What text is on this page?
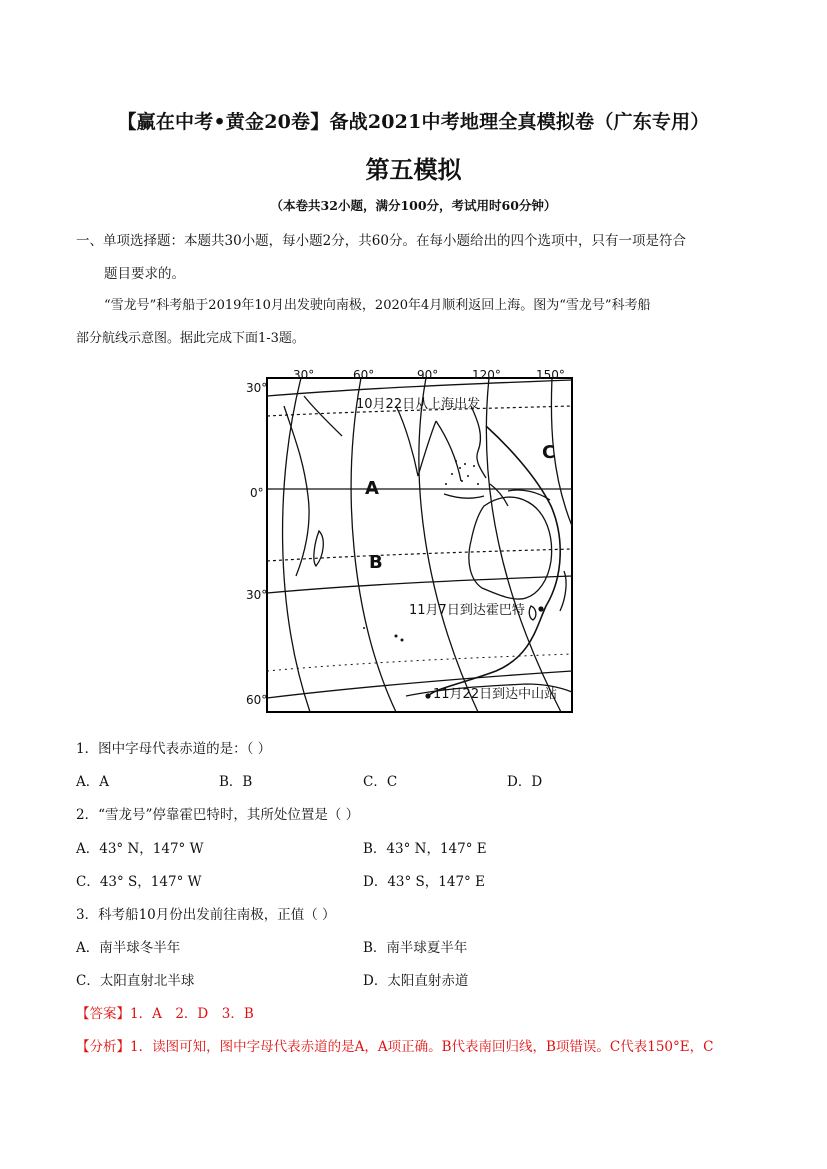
【赢在中考•黄金20卷】备战2021中考地理全真模拟卷（广东专用）
第五模拟
（本卷共32小题，满分100分，考试用时60分钟）
一、单项选择题：本题共30小题，每小题2分，共60分。在每小题给出的四个选项中，只有一项是符合
题目要求的。
“雪龙号”科考船于2019年10月出发驶向南极，2020年4月顺利返回上海。图为“雪龙号”科考船
部分航线示意图。据此完成下面1-3题。
30°	60°	90°	120°	150°
30°
0°
30°
60°
A
B
C
10月22日从上海出发
11月7日到达霍巴特
11月22日到达中山站
1．图中字母代表赤道的是：（ ）
A．A	B．B	C．C	D．D
2．“雪龙号”停靠霍巴特时，其所处位置是（ ）
A．43° N，147° W	B．43° N，147° E
C．43° S，147° W	D．43° S，147° E
3．科考船10月份出发前往南极，正值（ ）
A．南半球冬半年	B．南半球夏半年
C．太阳直射北半球	D．太阳直射赤道
【答案】1．A　2．D　3．B
【分析】1．读图可知，图中字母代表赤道的是A，A项正确。B代表南回归线，B项错误。C代表150°E，C
